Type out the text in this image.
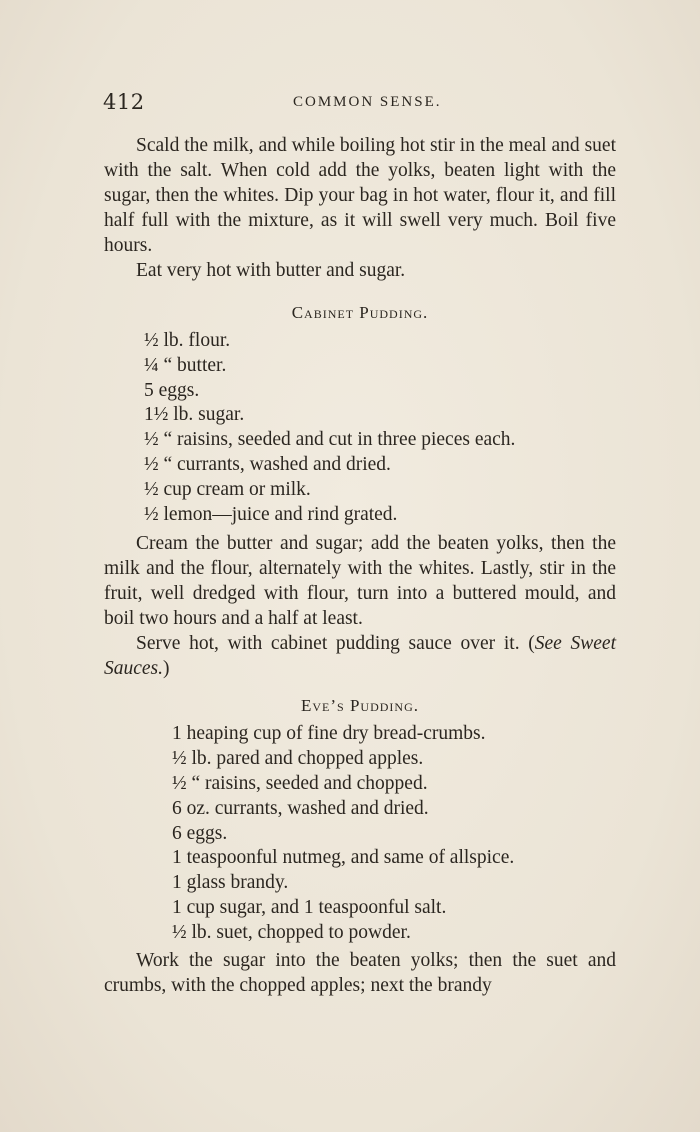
412	COMMON SENSE.

Scald the milk, and while boiling hot stir in the meal and suet with the salt. When cold add the yolks, beaten light with the sugar, then the whites. Dip your bag in hot water, flour it, and fill half full with the mixture, as it will swell very much. Boil five hours.

Eat very hot with butter and sugar.

Cabinet Pudding.

½ lb. flour.

¼ “ butter.

5 eggs.

1½ lb. sugar.

½ “ raisins, seeded and cut in three pieces each.

½ “ currants, washed and dried.

½ cup cream or milk.

½ lemon—juice and rind grated.

Cream the butter and sugar; add the beaten yolks, then the milk and the flour, alternately with the whites. Lastly, stir in the fruit, well dredged with flour, turn into a buttered mould, and boil two hours and a half at least.

Serve hot, with cabinet pudding sauce over it. (See Sweet Sauces.)

Eve’s Pudding.

1 heaping cup of fine dry bread-crumbs.

½ lb. pared and chopped apples.

½ “ raisins, seeded and chopped.

6 oz. currants, washed and dried.

6 eggs.

1 teaspoonful nutmeg, and same of allspice.

1 glass brandy.

1 cup sugar, and 1 teaspoonful salt.

½ lb. suet, chopped to powder.

Work the sugar into the beaten yolks; then the suet and crumbs, with the chopped apples; next the brandy
